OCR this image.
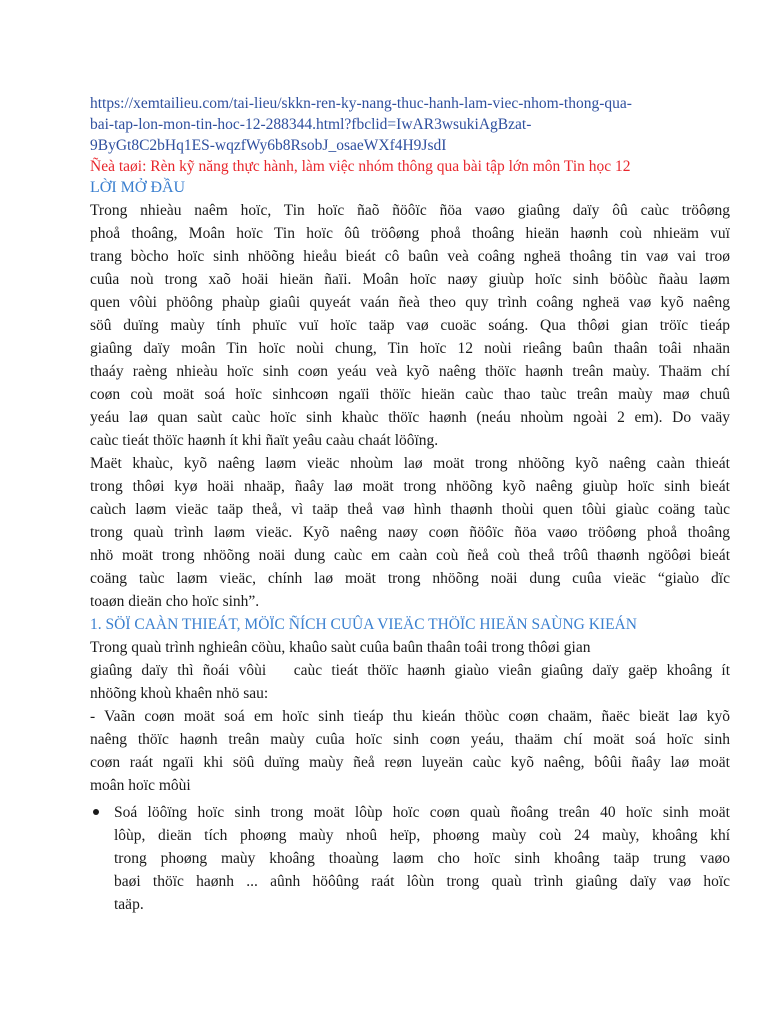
https://xemtailieu.com/tai-lieu/skkn-ren-ky-nang-thuc-hanh-lam-viec-nhom-thong-qua-
bai-tap-lon-mon-tin-hoc-12-288344.html?fbclid=IwAR3wsukiAgBzat-
9ByGt8C2bHq1ES-wqzfWy6b8RsobJ_osaeWXf4H9JsdI
Ñeà taøi: Rèn kỹ năng thực hành, làm việc nhóm thông qua bài tập lớn môn Tin học 12
LỜI MỞ ĐẦU
Trong nhieàu naêm hoïc, Tin hoïc ñaõ ñöôïc ñöa vaøo giaûng daïy ôû caùc tröôøng
phoå thoâng, Moân hoïc Tin hoïc ôû tröôøng phoå thoâng hieän haønh coù nhieäm vuï
trang bòcho hoïc sinh nhöõng hieåu bieát cô baûn veà coâng ngheä thoâng tin vaø vai troø
cuûa noù trong xaõ hoäi hieän ñaïi. Moân hoïc naøy giuùp hoïc sinh böôùc ñaàu laøm
quen vôùi phöông phaùp giaûi quyeát vaán ñeà theo quy trình coâng ngheä vaø kyõ naêng
söû duïng maùy tính phuïc vuï hoïc taäp vaø cuoäc soáng. Qua thôøi gian tröïc tieáp
giaûng daïy moân Tin hoïc noùi chung, Tin hoïc 12 noùi rieâng baûn thaân toâi nhaän
thaáy raèng nhieàu hoïc sinh coøn yeáu veà kyõ naêng thöïc haønh treân maùy. Thaäm chí
coøn coù moät soá hoïc sinhcoøn ngaïi thöïc hieän caùc thao taùc treân maùy maø chuû
yeáu laø quan saùt caùc hoïc sinh khaùc thöïc haønh (neáu nhoùm ngoài 2 em). Do vaäy
caùc tieát thöïc haønh ít khi ñaït yeâu caàu chaát löôïng.
Maët khaùc, kyõ naêng laøm vieäc nhoùm laø moät trong nhöõng kyõ naêng caàn thieát
trong thôøi kyø hoäi nhaäp, ñaây laø moät trong nhöõng kyõ naêng giuùp hoïc sinh bieát
caùch laøm vieäc taäp theå, vì taäp theå vaø hình thaønh thoùi quen tôùi giaùc coäng taùc
trong quaù trình laøm vieäc. Kyõ naêng naøy coøn ñöôïc ñöa vaøo tröôøng phoå thoâng
nhö moät trong nhöõng noäi dung caùc em caàn coù ñeå coù theå trôû thaønh ngöôøi bieát
coäng taùc laøm vieäc, chính laø moät trong nhöõng noäi dung cuûa vieäc “giaùo dïc
toaøn dieän cho hoïc sinh”.
1. SÖÏ CAÀN THIEÁT, MÖÏC ÑÍCH CUÛA VIEÄC THÖÏC HIEÄN SAÙNG KIEÁN
Trong quaù trình nghieân cöùu, khaûo saùt cuûa baûn thaân toâi trong thôøi gian
giaûng daïy thì ñoái vôùi   caùc tieát thöïc haønh giaùo vieân giaûng daïy gaëp khoâng ít
nhöõng khoù khaên nhö sau:
- Vaãn coøn moät soá em hoïc sinh tieáp thu kieán thöùc coøn chaäm, ñaëc bieät laø kyõ
naêng thöïc haønh treân maùy cuûa hoïc sinh coøn yeáu, thaäm chí moät soá hoïc sinh
coøn raát ngaïi khi söû duïng maùy ñeå reøn luyeän caùc kyõ naêng, bôûi ñaây laø moät
moân hoïc môùi
Soá löôïng hoïc sinh trong moät lôùp hoïc coøn quaù ñoâng treân 40 hoïc sinh moät
lôùp, dieän tích phoøng maùy nhoû heïp, phoøng maùy coù 24 maùy, khoâng khí
trong phoøng maùy khoâng thoaùng laøm cho hoïc sinh khoâng taäp trung vaøo
baøi thöïc haønh ... aûnh höôûng raát lôùn trong quaù trình giaûng daïy vaø hoïc
taäp.
